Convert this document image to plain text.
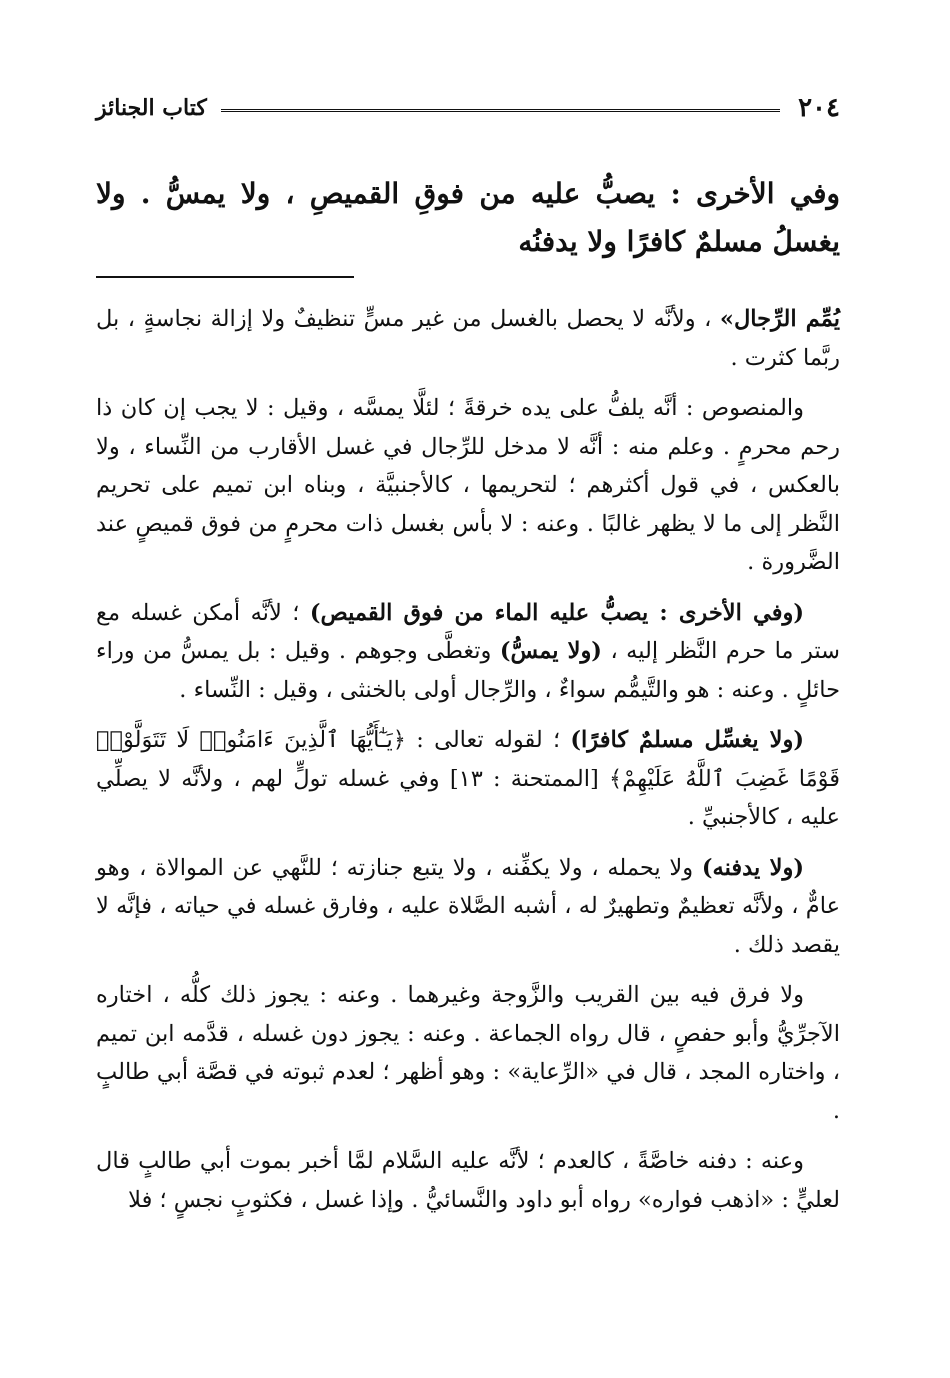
٢٠٤
كتاب الجنائز
وفي الأخرى : يصبُّ عليه من فوقِ القميصِ ، ولا يمسُّ . ولا يغسلُ مسلمٌ كافرًا ولا يدفنُه

يُمِّم الرِّجال» ، ولأنَّه لا يحصل بالغسل من غير مسٍّ تنظيفٌ ولا إزالة نجاسةٍ ، بل ربَّما كثرت .

والمنصوص : أنَّه يلفُّ على يده خرقةً ؛ لئلَّا يمسَّه ، وقيل : لا يجب إن كان ذا رحم محرمٍ . وعلم منه : أنَّه لا مدخل للرِّجال في غسل الأقارب من النِّساء ، ولا بالعكس ، في قول أكثرهم ؛ لتحريمها ، كالأجنبيَّة ، وبناه ابن تميم على تحريم النَّظر إلى ما لا يظهر غالبًا . وعنه : لا بأس بغسل ذات محرمٍ من فوق قميصٍ عند الضَّرورة .

(وفي الأخرى : يصبُّ عليه الماء من فوق القميص) ؛ لأنَّه أمكن غسله مع ستر ما حرم النَّظر إليه ، (ولا يمسُّ) وتغطَّى وجوهم . وقيل : بل يمسُّ من وراء حائلٍ . وعنه : هو والتَّيمُّم سواءٌ ، والرِّجال أولى بالخنثى ، وقيل : النِّساء .

(ولا يغسِّل مسلمٌ كافرًا) ؛ لقوله تعالى : ﴿يَـٰٓأَيُّهَا ٱلَّذِينَ ءَامَنُوا۟ لَا تَتَوَلَّوْا۟ قَوْمًا غَضِبَ ٱللَّهُ عَلَيْهِمْ﴾ [الممتحنة : ١٣] وفي غسله تولٍّ لهم ، ولأنَّه لا يصلِّي عليه ، كالأجنبيِّ .

(ولا يدفنه) ولا يحمله ، ولا يكفِّنه ، ولا يتبع جنازته ؛ للنَّهي عن الموالاة ، وهو عامٌّ ، ولأنَّه تعظيمٌ وتطهيرٌ له ، أشبه الصَّلاة عليه ، وفارق غسله في حياته ، فإنَّه لا يقصد ذلك .

ولا فرق فيه بين القريب والزَّوجة وغيرهما . وعنه : يجوز ذلك كلُّه ، اختاره الآجرِّيُّ وأبو حفصٍ ، قال رواه الجماعة . وعنه : يجوز دون غسله ، قدَّمه ابن تميم ، واختاره المجد ، قال في «الرِّعاية» : وهو أظهر ؛ لعدم ثبوته في قصَّة أبي طالبٍ .

وعنه : دفنه خاصَّةً ، كالعدم ؛ لأنَّه عليه السَّلام لمَّا أخبر بموت أبي طالبٍ قال لعليٍّ : «اذهب فواره» رواه أبو داود والنَّسائيُّ . وإذا غسل ، فكثوبٍ نجسٍ ؛ فلا
